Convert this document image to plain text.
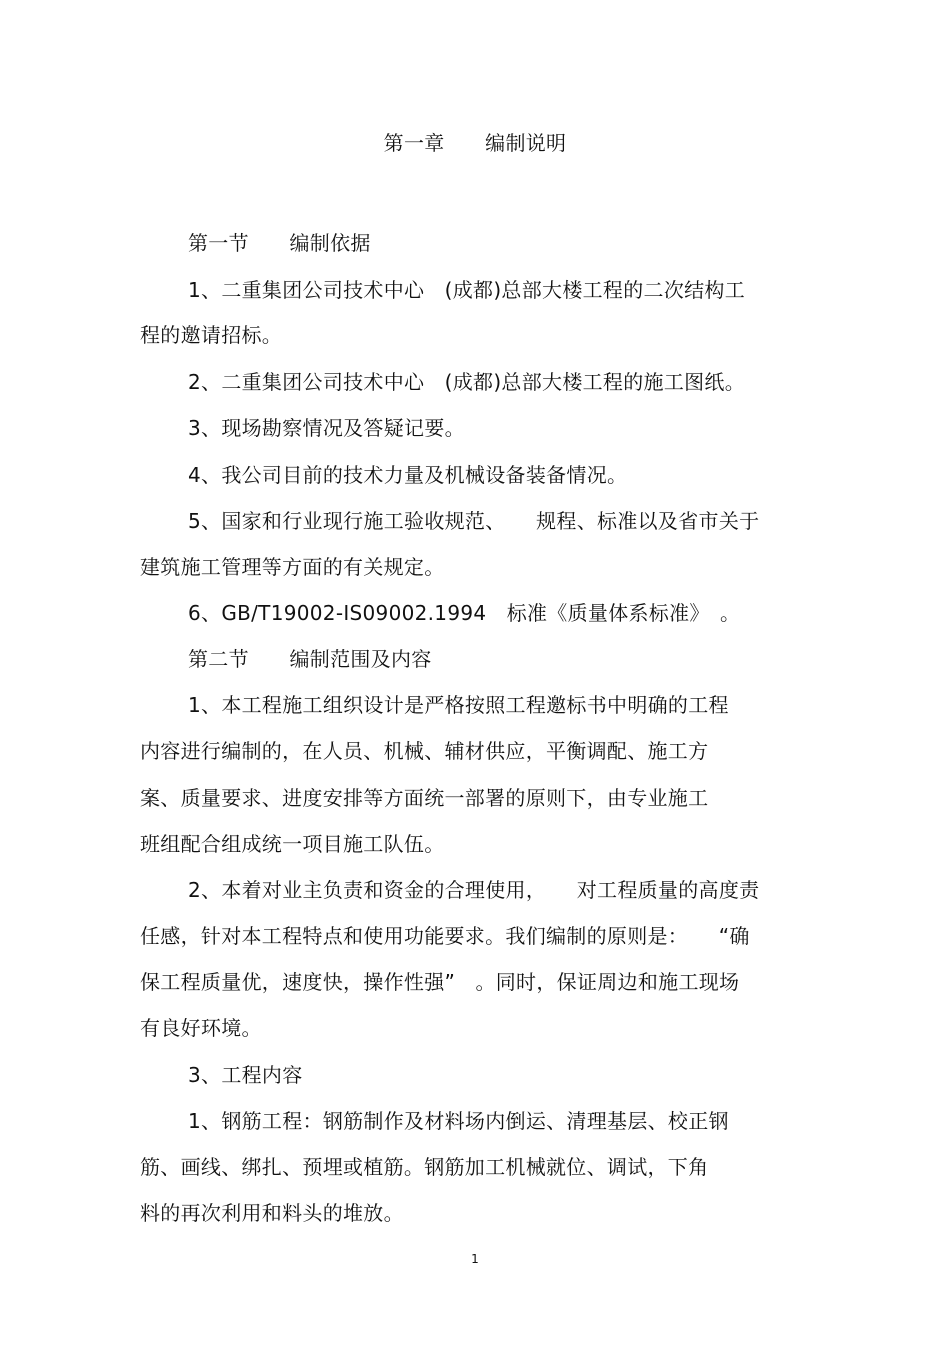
第一章　　编制说明
第一节　　编制依据
1、二重集团公司技术中心　(成都)总部大楼工程的二次结构工
程的邀请招标。
2、二重集团公司技术中心　(成都)总部大楼工程的施工图纸。
3、现场勘察情况及答疑记要。
4、我公司目前的技术力量及机械设备装备情况。
5、国家和行业现行施工验收规范、　　规程、标准以及省市关于
建筑施工管理等方面的有关规定。
6、GB/T19002-IS09002.1994　标准《质量体系标准》　。
第二节　　编制范围及内容
1、本工程施工组织设计是严格按照工程邀标书中明确的工程
内容进行编制的，在人员、机械、辅材供应，平衡调配、施工方
案、质量要求、进度安排等方面统一部署的原则下，由专业施工
班组配合组成统一项目施工队伍。
2、本着对业主负责和资金的合理使用，　　对工程质量的高度责
任感，针对本工程特点和使用功能要求。我们编制的原则是：　　“确
保工程质量优，速度快，操作性强”　。同时，保证周边和施工现场
有良好环境。
3、工程内容
1、钢筋工程：钢筋制作及材料场内倒运、清理基层、校正钢
筋、画线、绑扎、预埋或植筋。钢筋加工机械就位、调试，下角
料的再次利用和料头的堆放。
1
